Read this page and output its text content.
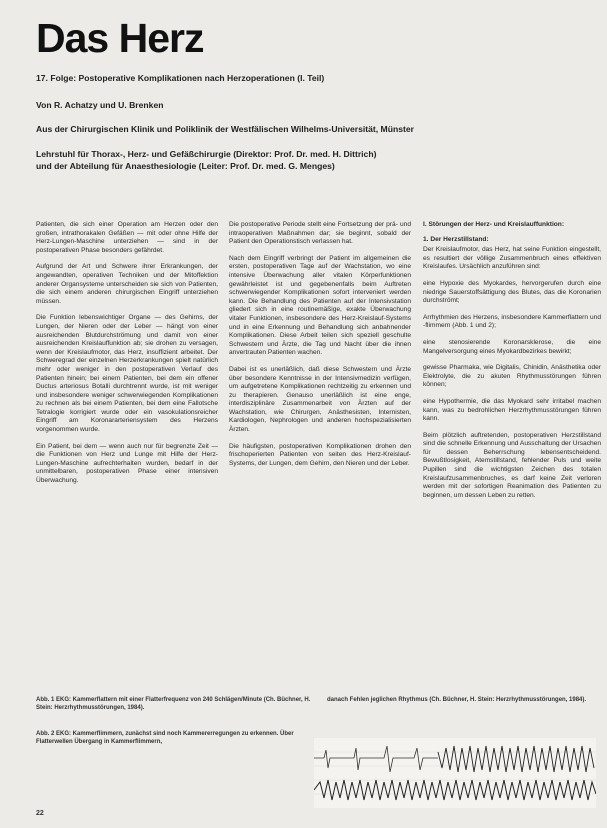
Das Herz
17. Folge: Postoperative Komplikationen nach Herzoperationen (I. Teil)
Von R. Achatzy und U. Brenken
Aus der Chirurgischen Klinik und Poliklinik der Westfälischen Wilhelms-Universität, Münster
Lehrstuhl für Thorax-, Herz- und Gefäßchirurgie (Direktor: Prof. Dr. med. H. Dittrich)
und der Abteilung für Anaesthesiologie (Leiter: Prof. Dr. med. G. Menges)

Patienten, die sich einer Operation am Herzen oder den großen, intrathorakalen Gefäßen — mit oder ohne Hilfe der Herz-Lungen-Maschine unterziehen — sind in der postoperativen Phase besonders gefährdet.

Aufgrund der Art und Schwere ihrer Erkrankungen, der angewandten, operativen Techniken und der Mitoffektion anderer Organsysteme unterscheiden sie sich von Patienten, die sich einem anderen chirurgischen Eingriff unterziehen müssen.

Die Funktion lebenswichtiger Organe — des Gehirns, der Lungen, der Nieren oder der Leber — hängt von einer ausreichenden Blutdurchströmung und damit von einer ausreichenden Kreislauffunktion ab; sie drohen zu versagen, wenn der Kreislaufmotor, das Herz, insuffizient arbeitet. Der Schweregrad der einzelnen Herzerkrankungen spielt natürlich mehr oder weniger in den postoperativen Verlauf des Patienten hinein; bei einem Patienten, bei dem ein offener Ductus arteriosus Botalli durchtrennt wurde, ist mit weniger und insbesondere weniger schwerwiegenden Komplikationen zu rechnen als bei einem Patienten, bei dem eine Fallotsche Tetralogie korrigiert wurde oder ein vasokulationsreicher Eingriff am Koronararteriensystem des Herzens vorgenommen wurde.

Ein Patient, bei dem — wenn auch nur für begrenzte Zeit — die Funktionen von Herz und Lunge mit Hilfe der Herz-Lungen-Maschine aufrechterhalten wurden, bedarf in der unmittelbaren, postoperativen Phase einer intensiven Überwachung.

Die postoperative Periode stellt eine Fortsetzung der prä- und intraoperativen Maßnahmen dar; sie beginnt, sobald der Patient den Operationstisch verlassen hat.

Nach dem Eingriff verbringt der Patient im allgemeinen die ersten, postoperativen Tage auf der Wachstation, wo eine intensive Überwachung aller vitalen Körperfunktionen gewährleistet ist und gegebenenfalls beim Auftreten schwerwiegender Komplikationen sofort interveniert werden kann. Die Behandlung des Patienten auf der Intensivstation gliedert sich in eine routinemäßige, exakte Überwachung vitaler Funktionen, insbesondere des Herz-Kreislauf-Systems und in eine Erkennung und Behandlung sich anbahnender Komplikationen. Diese Arbeit teilen sich speziell geschulte Schwestern und Ärzte, die Tag und Nacht über die ihnen anvertrauten Patienten wachen.

Dabei ist es unerläßlich, daß diese Schwestern und Ärzte über besondere Kenntnisse in der Intensivmedizin verfügen, um aufgetretene Komplikationen rechtzeitig zu erkennen und zu therapieren. Genauso unerläßlich ist eine enge, interdisziplinäre Zusammenarbeit von Ärzten auf der Wachstation, wie Chirurgen, Anästhesisten, Internisten, Kardiologen, Nephrologen und anderen hochspezialisierten Ärzten.

Die häufigsten, postoperativen Komplikationen drohen den frischoperierten Patienten von seiten des Herz-Kreislauf-Systems, der Lungen, dem Gehirn, den Nieren und der Leber.

I. Störungen der Herz- und Kreislauffunktion:

1. Der Herzstillstand:

Der Kreislaufmotor, das Herz, hat seine Funktion eingestellt, es resultiert der völlige Zusammenbruch eines effektiven Kreislaufes. Ursächlich anzuführen sind:

eine Hypoxie des Myokardes, hervorgerufen durch eine niedrige Sauerstoffsättigung des Blutes, das die Koronarien durchströmt;

Arrhythmien des Herzens, insbesondere Kammerflattern und -flimmern (Abb. 1 und 2);

eine stenosierende Koronarsklerose, die eine Mangelversorgung eines Myokardbezirkes bewirkt;

gewisse Pharmaka, wie Digitalis, Chinidin, Anästhetika oder Elektrolyte, die zu akuten Rhythmusstörungen führen können;

eine Hypothermie, die das Myokard sehr irritabel machen kann, was zu bedrohlichen Herzrhythmusstörungen führen kann.

Beim plötzlich auftretenden, postoperativen Herzstillstand sind die schnelle Erkennung und Ausschaltung der Ursachen für dessen Beherrschung lebensentscheidend. Bewußtlosigkeit, Atemstillstand, fehlender Puls und weite Pupillen sind die wichtigsten Zeichen des totalen Kreislaufzusammenbruches, es darf keine Zeit verloren werden mit der sofortigen Reanimation des Patienten zu beginnen, um dessen Leben zu retten.

Abb. 1 EKG: Kammerflattern mit einer Flatterfrequenz von 240 Schlägen/Minute (Ch. Büchner, H. Stein: Herzrhythmusstörungen, 1984).
danach Fehlen jeglichen Rhythmus (Ch. Büchner, H. Stein: Herzrhythmusstörungen, 1984).
Abb. 2 EKG: Kammerflimmern, zunächst sind noch Kammererregungen zu erkennen. Über Flatterwellen Übergang in Kammerflimmern,
22
